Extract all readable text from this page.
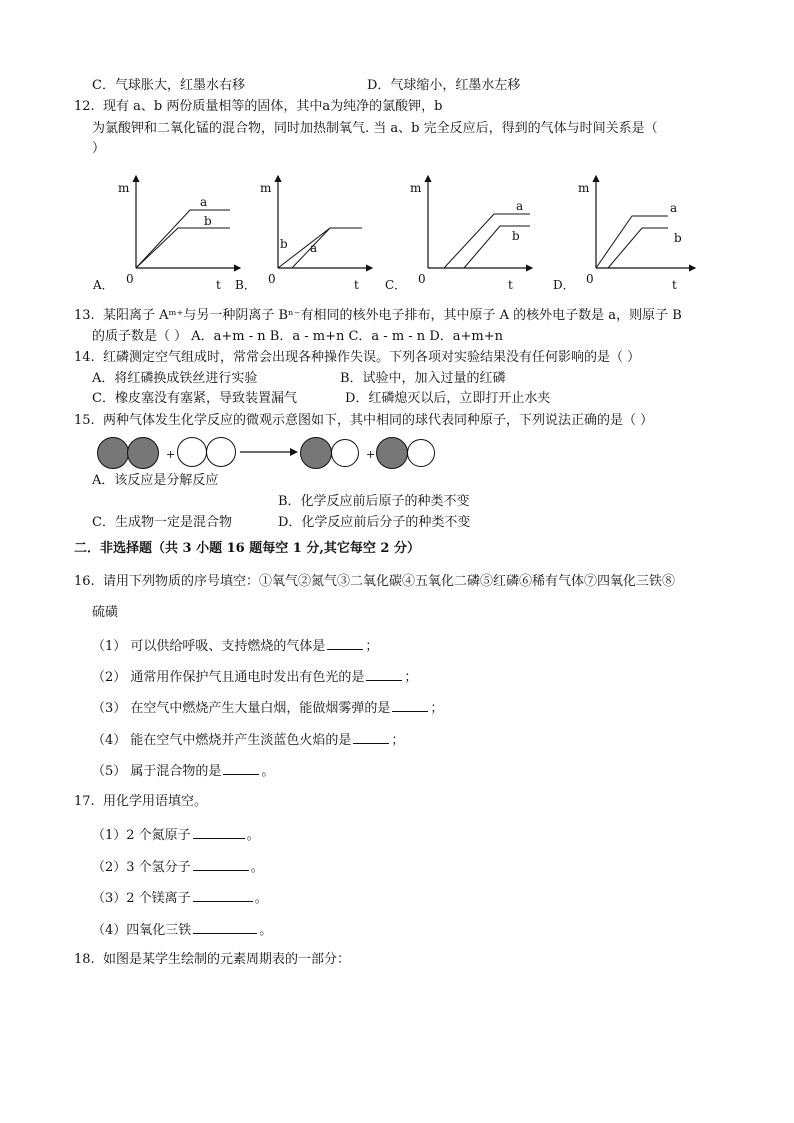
C．气球胀大，红墨水右移	D．气球缩小，红墨水左移
12. 现有 a、b 两份质量相等的固体，其中a为纯净的氯酸钾，b
为氯酸钾和二氧化锰的混合物，同时加热制氧气. 当 a、b 完全反应后，得到的气体与时间关系是（
）
m
0	t
a
b
A．
m
0	t
a
b
B．
m
0	t
a
b
C．
m
0	t
a
b
D．
13. 某阳离子 Aᵐ⁺与另一种阴离子 Bⁿ⁻有相同的核外电子排布，其中原子 A 的核外电子数是 a，则原子 B
的质子数是（ ） A．a+m - n B．a - m+n C．a - m - n D．a+m+n
14. 红磷测定空气组成时，常常会出现各种操作失误。下列各项对实验结果没有任何影响的是（ ）
A．将红磷换成铁丝进行实验	B．试验中，加入过量的红磷
C．橡皮塞没有塞紧，导致装置漏气	D．红磷熄灭以后，立即打开止水夹
15. 两种气体发生化学反应的微观示意图如下，其中相同的球代表同种原子，下列说法正确的是（ ）
+	+
A．该反应是分解反应
B．化学反应前后原子的种类不变
C．生成物一定是混合物	D．化学反应前后分子的种类不变
二．非选择题（共 3 小题 16 题每空 1 分,其它每空 2 分）
16. 请用下列物质的序号填空：①氧气②氮气③二氧化碳④五氧化二磷⑤红磷⑥稀有气体⑦四氧化三铁⑧
硫磺
（1） 可以供给呼吸、支持燃烧的气体是	；
（2） 通常用作保护气且通电时发出有色光的是	；
（3） 在空气中燃烧产生大量白烟，能做烟雾弹的是	；
（4） 能在空气中燃烧并产生淡蓝色火焰的是	；
（5） 属于混合物的是	。
17. 用化学用语填空。
（1）2 个氮原子	。
（2）3 个氢分子	。
（3）2 个镁离子	。
（4）四氧化三铁	。
18. 如图是某学生绘制的元素周期表的一部分：
